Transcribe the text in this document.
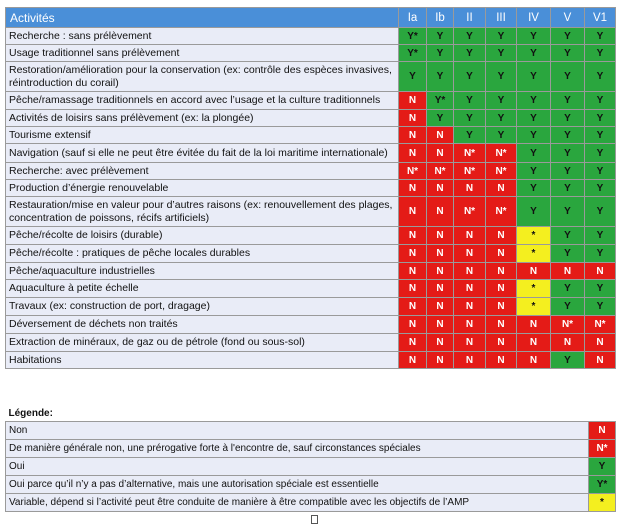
Activités	Ia	Ib	II	III	IV	V	V1
Recherche : sans prélèvement	Y*	Y	Y	Y	Y	Y	Y
Usage traditionnel sans prélèvement	Y*	Y	Y	Y	Y	Y	Y
Restoration/amélioration pour la conservation (ex: contrôle des espèces invasives, réintroduction du corail)	Y	Y	Y	Y	Y	Y	Y
Pêche/ramassage traditionnels en accord avec l’usage et la culture traditionnels	N	Y*	Y	Y	Y	Y	Y
Activités de loisirs sans prélèvement (ex: la plongée)	N	Y	Y	Y	Y	Y	Y
Tourisme extensif	N	N	Y	Y	Y	Y	Y
Navigation (sauf si elle ne peut être évitée du fait de la loi maritime internationale)	N	N	N*	N*	Y	Y	Y
Recherche: avec prélèvement	N*	N*	N*	N*	Y	Y	Y
Production d’énergie renouvelable	N	N	N	N	Y	Y	Y
Restauration/mise en valeur pour d’autres raisons (ex: renouvellement des plages, concentration de poissons, récifs artificiels)	N	N	N*	N*	Y	Y	Y
Pêche/récolte de loisirs (durable)	N	N	N	N	*	Y	Y
Pêche/récolte : pratiques de pêche locales durables	N	N	N	N	*	Y	Y
Pêche/aquaculture industrielles	N	N	N	N	N	N	N
Aquaculture à petite échelle	N	N	N	N	*	Y	Y
Travaux (ex: construction de port, dragage)	N	N	N	N	*	Y	Y
Déversement de déchets non traités	N	N	N	N	N	N*	N*
Extraction de minéraux, de gaz ou de pétrole (fond ou sous-sol)	N	N	N	N	N	N	N
Habitations	N	N	N	N	N	Y	N
Légende:	
Non	N
De manière générale non, une prérogative forte à l'encontre de, sauf circonstances spéciales	N*
Oui	Y
Oui parce qu’il n’y a pas d’alternative, mais une autorisation spéciale est essentielle	Y*
Variable, dépend si l’activité peut être conduite de manière à être compatible avec les objectifs de l’AMP	*
